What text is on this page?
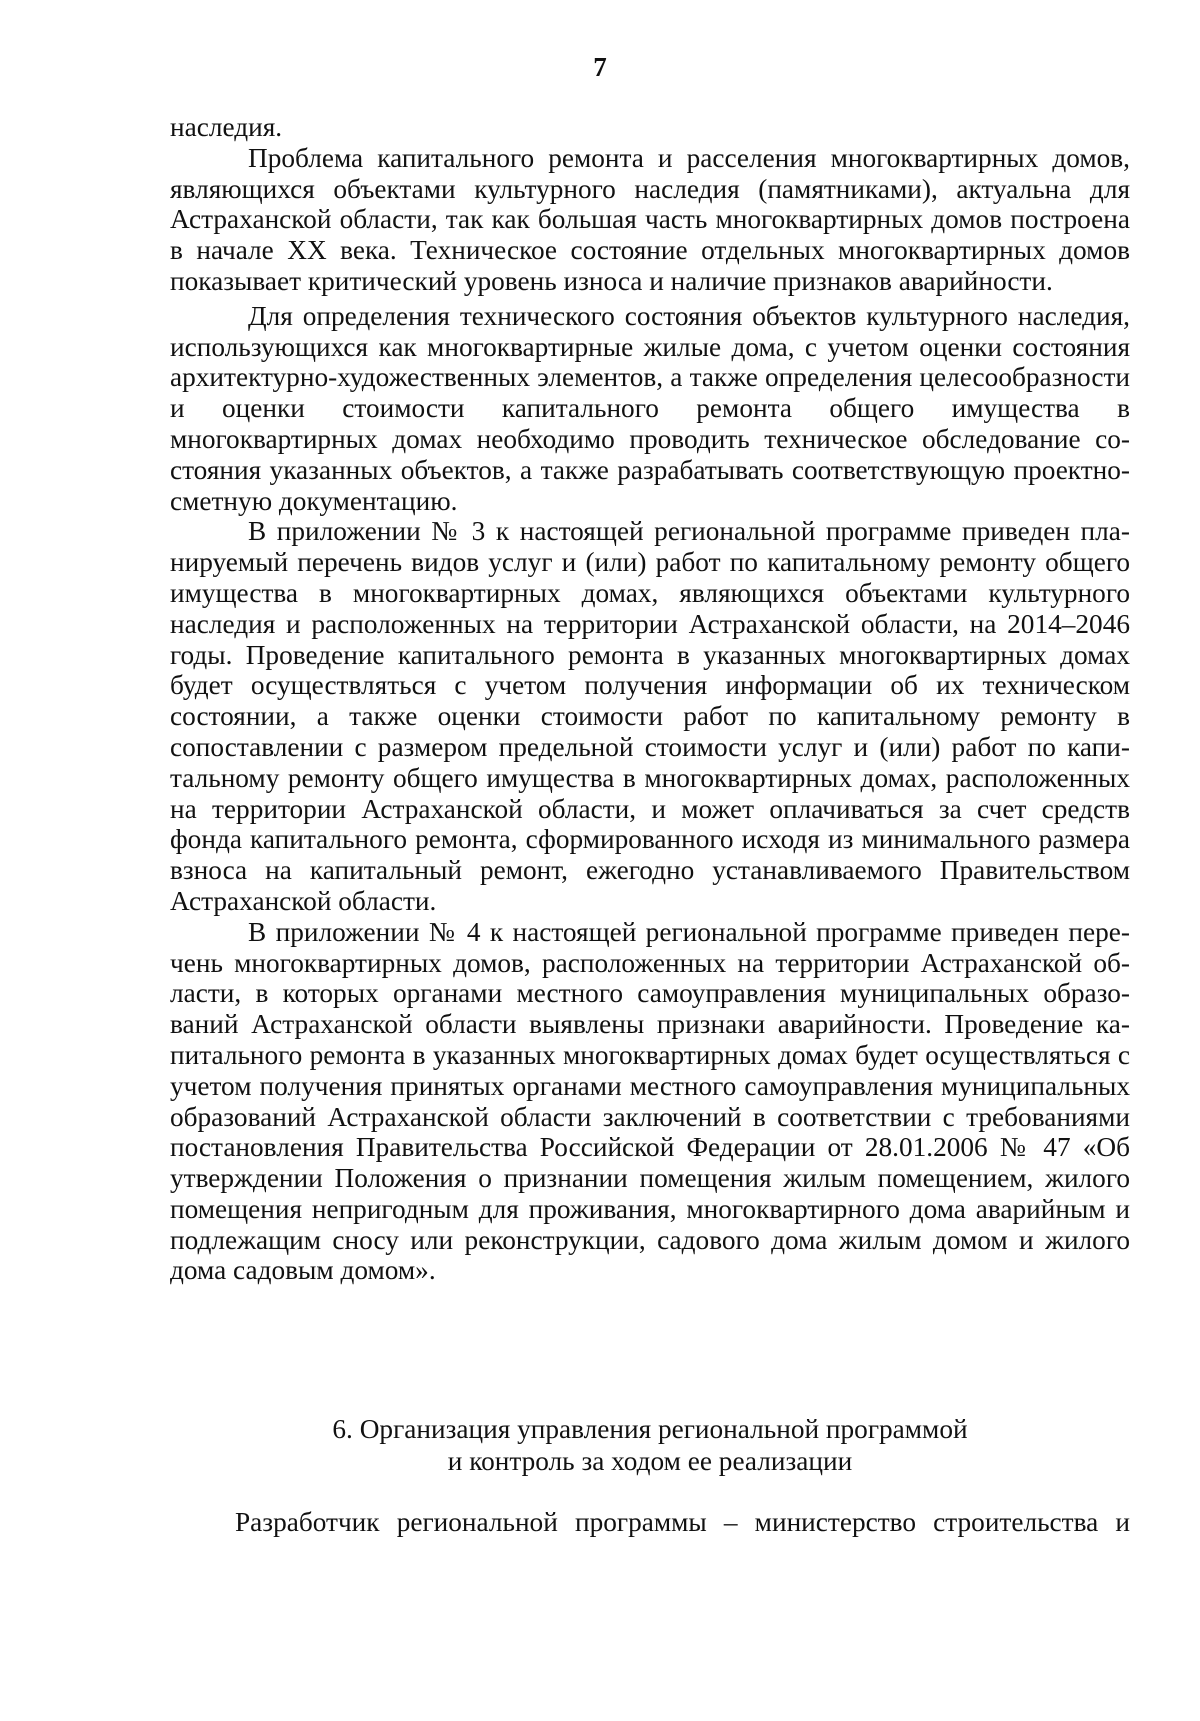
7

наследия.

Проблема капитального ремонта и расселения многоквартирных домов, являющихся объектами культурного наследия (памятниками), актуальна для Астраханской области, так как большая часть многоквартирных домов построена в начале XX века. Техническое состояние отдельных многоквартирных домов показывает критический уровень износа и наличие признаков аварийности.

Для определения технического состояния объектов культурного наследия, использующихся как многоквартирные жилые дома, с учетом оценки состояния архитектурно-художественных элементов, а также определения целесообразности и оценки стоимости капитального ремонта общего имущества в многоквартирных домах необходимо проводить техническое обследование состояния указанных объектов, а также разрабатывать соответствующую проектно-сметную документацию.

В приложении № 3 к настоящей региональной программе приведен планируемый перечень видов услуг и (или) работ по капитальному ремонту общего имущества в многоквартирных домах, являющихся объектами культурного наследия и расположенных на территории Астраханской области, на 2014–2046 годы. Проведение капитального ремонта в указанных многоквартирных домах будет осуществляться с учетом получения информации об их техническом состоянии, а также оценки стоимости работ по капитальному ремонту в сопоставлении с размером предельной стоимости услуг и (или) работ по капитальному ремонту общего имущества в многоквартирных домах, расположенных на территории Астраханской области, и может оплачиваться за счет средств фонда капитального ремонта, сформированного исходя из минимального размера взноса на капитальный ремонт, ежегодно устанавливаемого Правительством Астраханской области.

В приложении № 4 к настоящей региональной программе приведен перечень многоквартирных домов, расположенных на территории Астраханской области, в которых органами местного самоуправления муниципальных образований Астраханской области выявлены признаки аварийности. Проведение капитального ремонта в указанных многоквартирных домах будет осуществляться с учетом получения принятых органами местного самоуправления муниципальных образований Астраханской области заключений в соответствии с требованиями постановления Правительства Российской Федерации от 28.01.2006 № 47 «Об утверждении Положения о признании помещения жилым помещением, жилого помещения непригодным для проживания, многоквартирного дома аварийным и подлежащим сносу или реконструкции, садового дома жилым домом и жилого дома садовым домом».

6. Организация управления региональной программой
и контроль за ходом ее реализации

Разработчик региональной программы – министерство строительства и
